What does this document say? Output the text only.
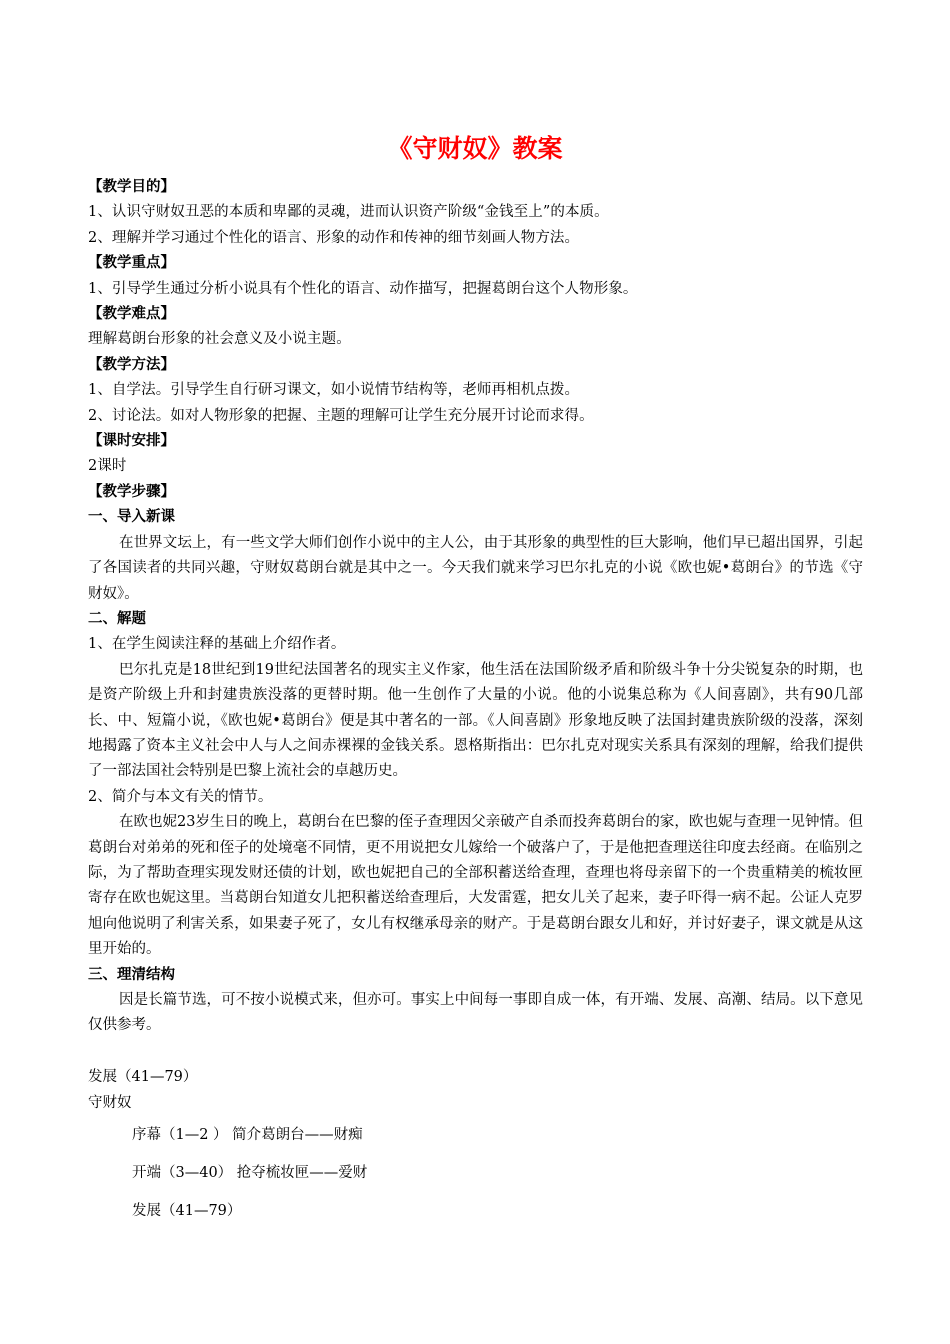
《守财奴》教案
【教学目的】
1、认识守财奴丑恶的本质和卑鄙的灵魂，进而认识资产阶级“金钱至上”的本质。
2、理解并学习通过个性化的语言、形象的动作和传神的细节刻画人物方法。
【教学重点】
1、引导学生通过分析小说具有个性化的语言、动作描写，把握葛朗台这个人物形象。
【教学难点】
理解葛朗台形象的社会意义及小说主题。
【教学方法】
1、自学法。引导学生自行研习课文，如小说情节结构等，老师再相机点拨。
2、讨论法。如对人物形象的把握、主题的理解可让学生充分展开讨论而求得。
【课时安排】
2课时
【教学步骤】
一、导入新课

在世界文坛上，有一些文学大师们创作小说中的主人公，由于其形象的典型性的巨大影响，他们早已超出国界，引起了各国读者的共同兴趣，守财奴葛朗台就是其中之一。今天我们就来学习巴尔扎克的小说《欧也妮•葛朗台》的节选《守财奴》。

二、解题
1、在学生阅读注释的基础上介绍作者。

巴尔扎克是18世纪到19世纪法国著名的现实主义作家，他生活在法国阶级矛盾和阶级斗争十分尖锐复杂的时期，也是资产阶级上升和封建贵族没落的更替时期。他一生创作了大量的小说。他的小说集总称为《人间喜剧》，共有90几部长、中、短篇小说，《欧也妮•葛朗台》便是其中著名的一部。《人间喜剧》形象地反映了法国封建贵族阶级的没落，深刻地揭露了资本主义社会中人与人之间赤裸裸的金钱关系。恩格斯指出：巴尔扎克对现实关系具有深刻的理解，给我们提供了一部法国社会特别是巴黎上流社会的卓越历史。

2、简介与本文有关的情节。

在欧也妮23岁生日的晚上，葛朗台在巴黎的侄子查理因父亲破产自杀而投奔葛朗台的家，欧也妮与查理一见钟情。但葛朗台对弟弟的死和侄子的处境毫不同情，更不用说把女儿嫁给一个破落户了，于是他把查理送往印度去经商。在临别之际，为了帮助查理实现发财还债的计划，欧也妮把自己的全部积蓄送给查理，查理也将母亲留下的一个贵重精美的梳妆匣寄存在欧也妮这里。当葛朗台知道女儿把积蓄送给查理后，大发雷霆，把女儿关了起来，妻子吓得一病不起。公证人克罗旭向他说明了利害关系，如果妻子死了，女儿有权继承母亲的财产。于是葛朗台跟女儿和好，并讨好妻子，课文就是从这里开始的。

三、理清结构

因是长篇节选，可不按小说模式来，但亦可。事实上中间每一事即自成一体，有开端、发展、高潮、结局。以下意见仅供参考。

发展（41—79）
守财奴
序幕（1—2 ） 简介葛朗台——财痴
开端（3—40） 抢夺梳妆匣——爱财
发展（41—79）
